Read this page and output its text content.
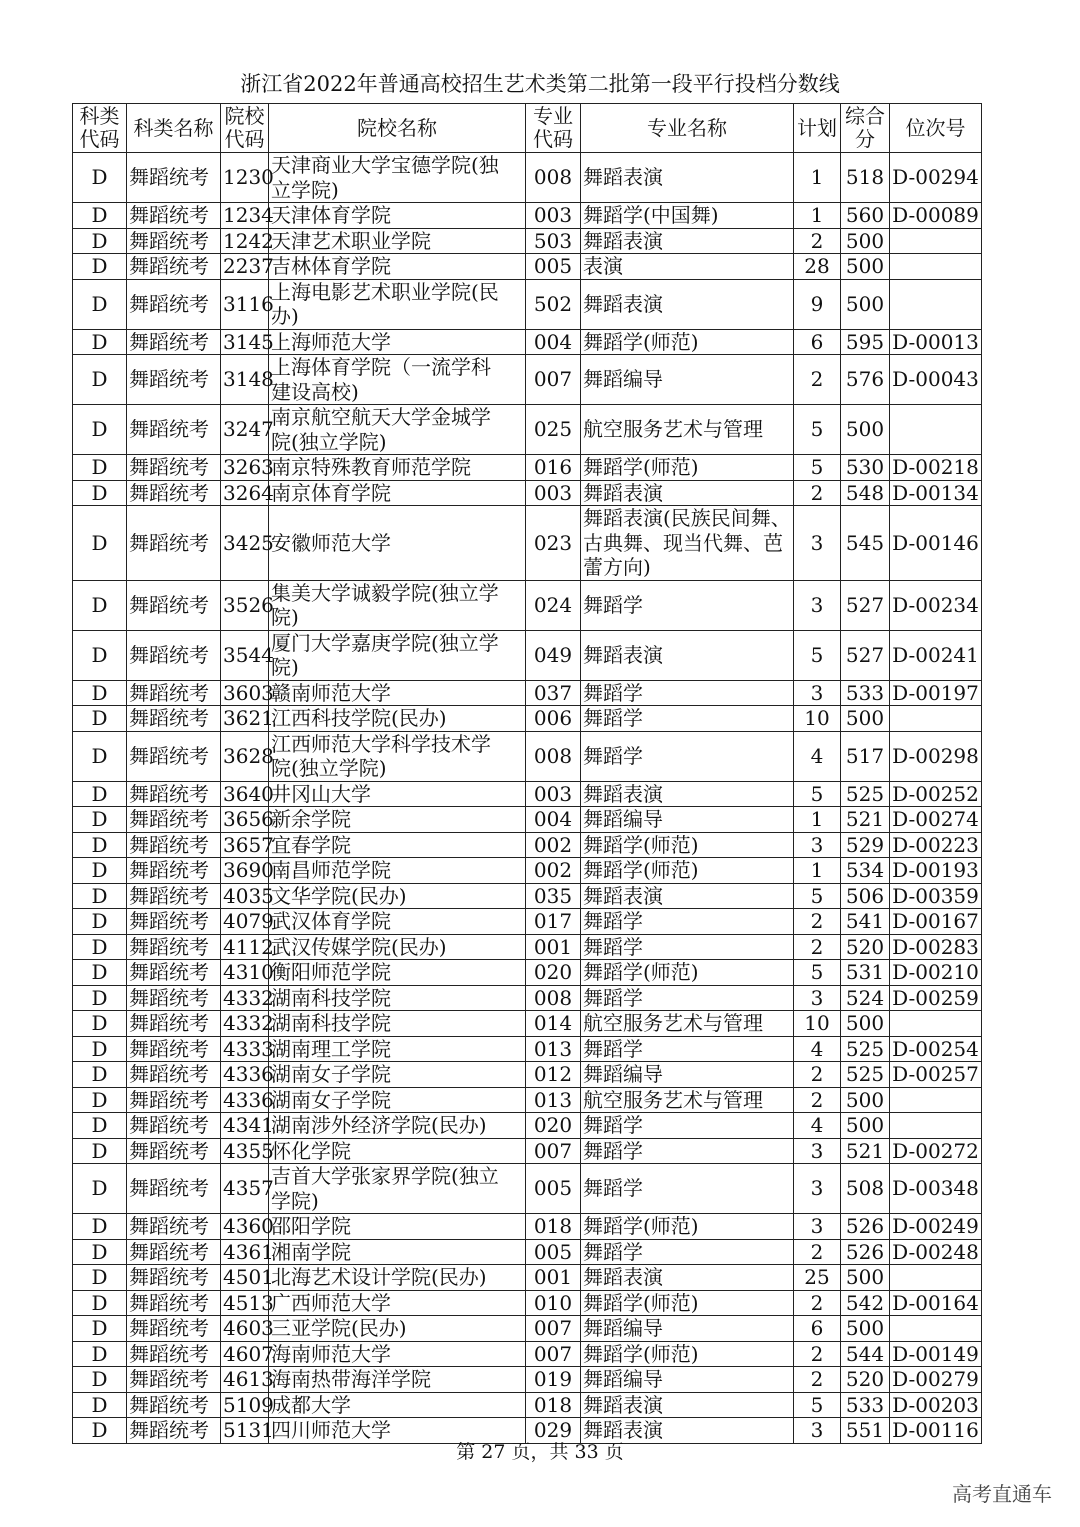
浙江省2022年普通高校招生艺术类第二批第一段平行投档分数线
科类代码	科类名称	院校代码	院校名称	专业代码	专业名称	计划	综合分	位次号
D	舞蹈统考	1230	天津商业大学宝德学院(独立学院)	008	舞蹈表演	1	518	D-00294
D	舞蹈统考	1234	天津体育学院	003	舞蹈学(中国舞)	1	560	D-00089
D	舞蹈统考	1242	天津艺术职业学院	503	舞蹈表演	2	500	
D	舞蹈统考	2237	吉林体育学院	005	表演	28	500	
D	舞蹈统考	3116	上海电影艺术职业学院(民办)	502	舞蹈表演	9	500	
D	舞蹈统考	3145	上海师范大学	004	舞蹈学(师范)	6	595	D-00013
D	舞蹈统考	3148	上海体育学院（一流学科建设高校)	007	舞蹈编导	2	576	D-00043
D	舞蹈统考	3247	南京航空航天大学金城学院(独立学院)	025	航空服务艺术与管理	5	500	
D	舞蹈统考	3263	南京特殊教育师范学院	016	舞蹈学(师范)	5	530	D-00218
D	舞蹈统考	3264	南京体育学院	003	舞蹈表演	2	548	D-00134
D	舞蹈统考	3425	安徽师范大学	023	舞蹈表演(民族民间舞、古典舞、现当代舞、芭蕾方向)	3	545	D-00146
D	舞蹈统考	3526	集美大学诚毅学院(独立学院)	024	舞蹈学	3	527	D-00234
D	舞蹈统考	3544	厦门大学嘉庚学院(独立学院)	049	舞蹈表演	5	527	D-00241
D	舞蹈统考	3603	赣南师范大学	037	舞蹈学	3	533	D-00197
D	舞蹈统考	3621	江西科技学院(民办)	006	舞蹈学	10	500	
D	舞蹈统考	3628	江西师范大学科学技术学院(独立学院)	008	舞蹈学	4	517	D-00298
D	舞蹈统考	3640	井冈山大学	003	舞蹈表演	5	525	D-00252
D	舞蹈统考	3656	新余学院	004	舞蹈编导	1	521	D-00274
D	舞蹈统考	3657	宜春学院	002	舞蹈学(师范)	3	529	D-00223
D	舞蹈统考	3690	南昌师范学院	002	舞蹈学(师范)	1	534	D-00193
D	舞蹈统考	4035	文华学院(民办)	035	舞蹈表演	5	506	D-00359
D	舞蹈统考	4079	武汉体育学院	017	舞蹈学	2	541	D-00167
D	舞蹈统考	4112	武汉传媒学院(民办)	001	舞蹈学	2	520	D-00283
D	舞蹈统考	4310	衡阳师范学院	020	舞蹈学(师范)	5	531	D-00210
D	舞蹈统考	4332	湖南科技学院	008	舞蹈学	3	524	D-00259
D	舞蹈统考	4332	湖南科技学院	014	航空服务艺术与管理	10	500	
D	舞蹈统考	4333	湖南理工学院	013	舞蹈学	4	525	D-00254
D	舞蹈统考	4336	湖南女子学院	012	舞蹈编导	2	525	D-00257
D	舞蹈统考	4336	湖南女子学院	013	航空服务艺术与管理	2	500	
D	舞蹈统考	4341	湖南涉外经济学院(民办)	020	舞蹈学	4	500	
D	舞蹈统考	4355	怀化学院	007	舞蹈学	3	521	D-00272
D	舞蹈统考	4357	吉首大学张家界学院(独立学院)	005	舞蹈学	3	508	D-00348
D	舞蹈统考	4360	邵阳学院	018	舞蹈学(师范)	3	526	D-00249
D	舞蹈统考	4361	湘南学院	005	舞蹈学	2	526	D-00248
D	舞蹈统考	4501	北海艺术设计学院(民办)	001	舞蹈表演	25	500	
D	舞蹈统考	4513	广西师范大学	010	舞蹈学(师范)	2	542	D-00164
D	舞蹈统考	4603	三亚学院(民办)	007	舞蹈编导	6	500	
D	舞蹈统考	4607	海南师范大学	007	舞蹈学(师范)	2	544	D-00149
D	舞蹈统考	4613	海南热带海洋学院	019	舞蹈编导	2	520	D-00279
D	舞蹈统考	5109	成都大学	018	舞蹈表演	5	533	D-00203
D	舞蹈统考	5131	四川师范大学	029	舞蹈表演	3	551	D-00116
第 27 页，共 33 页
高考直通车
